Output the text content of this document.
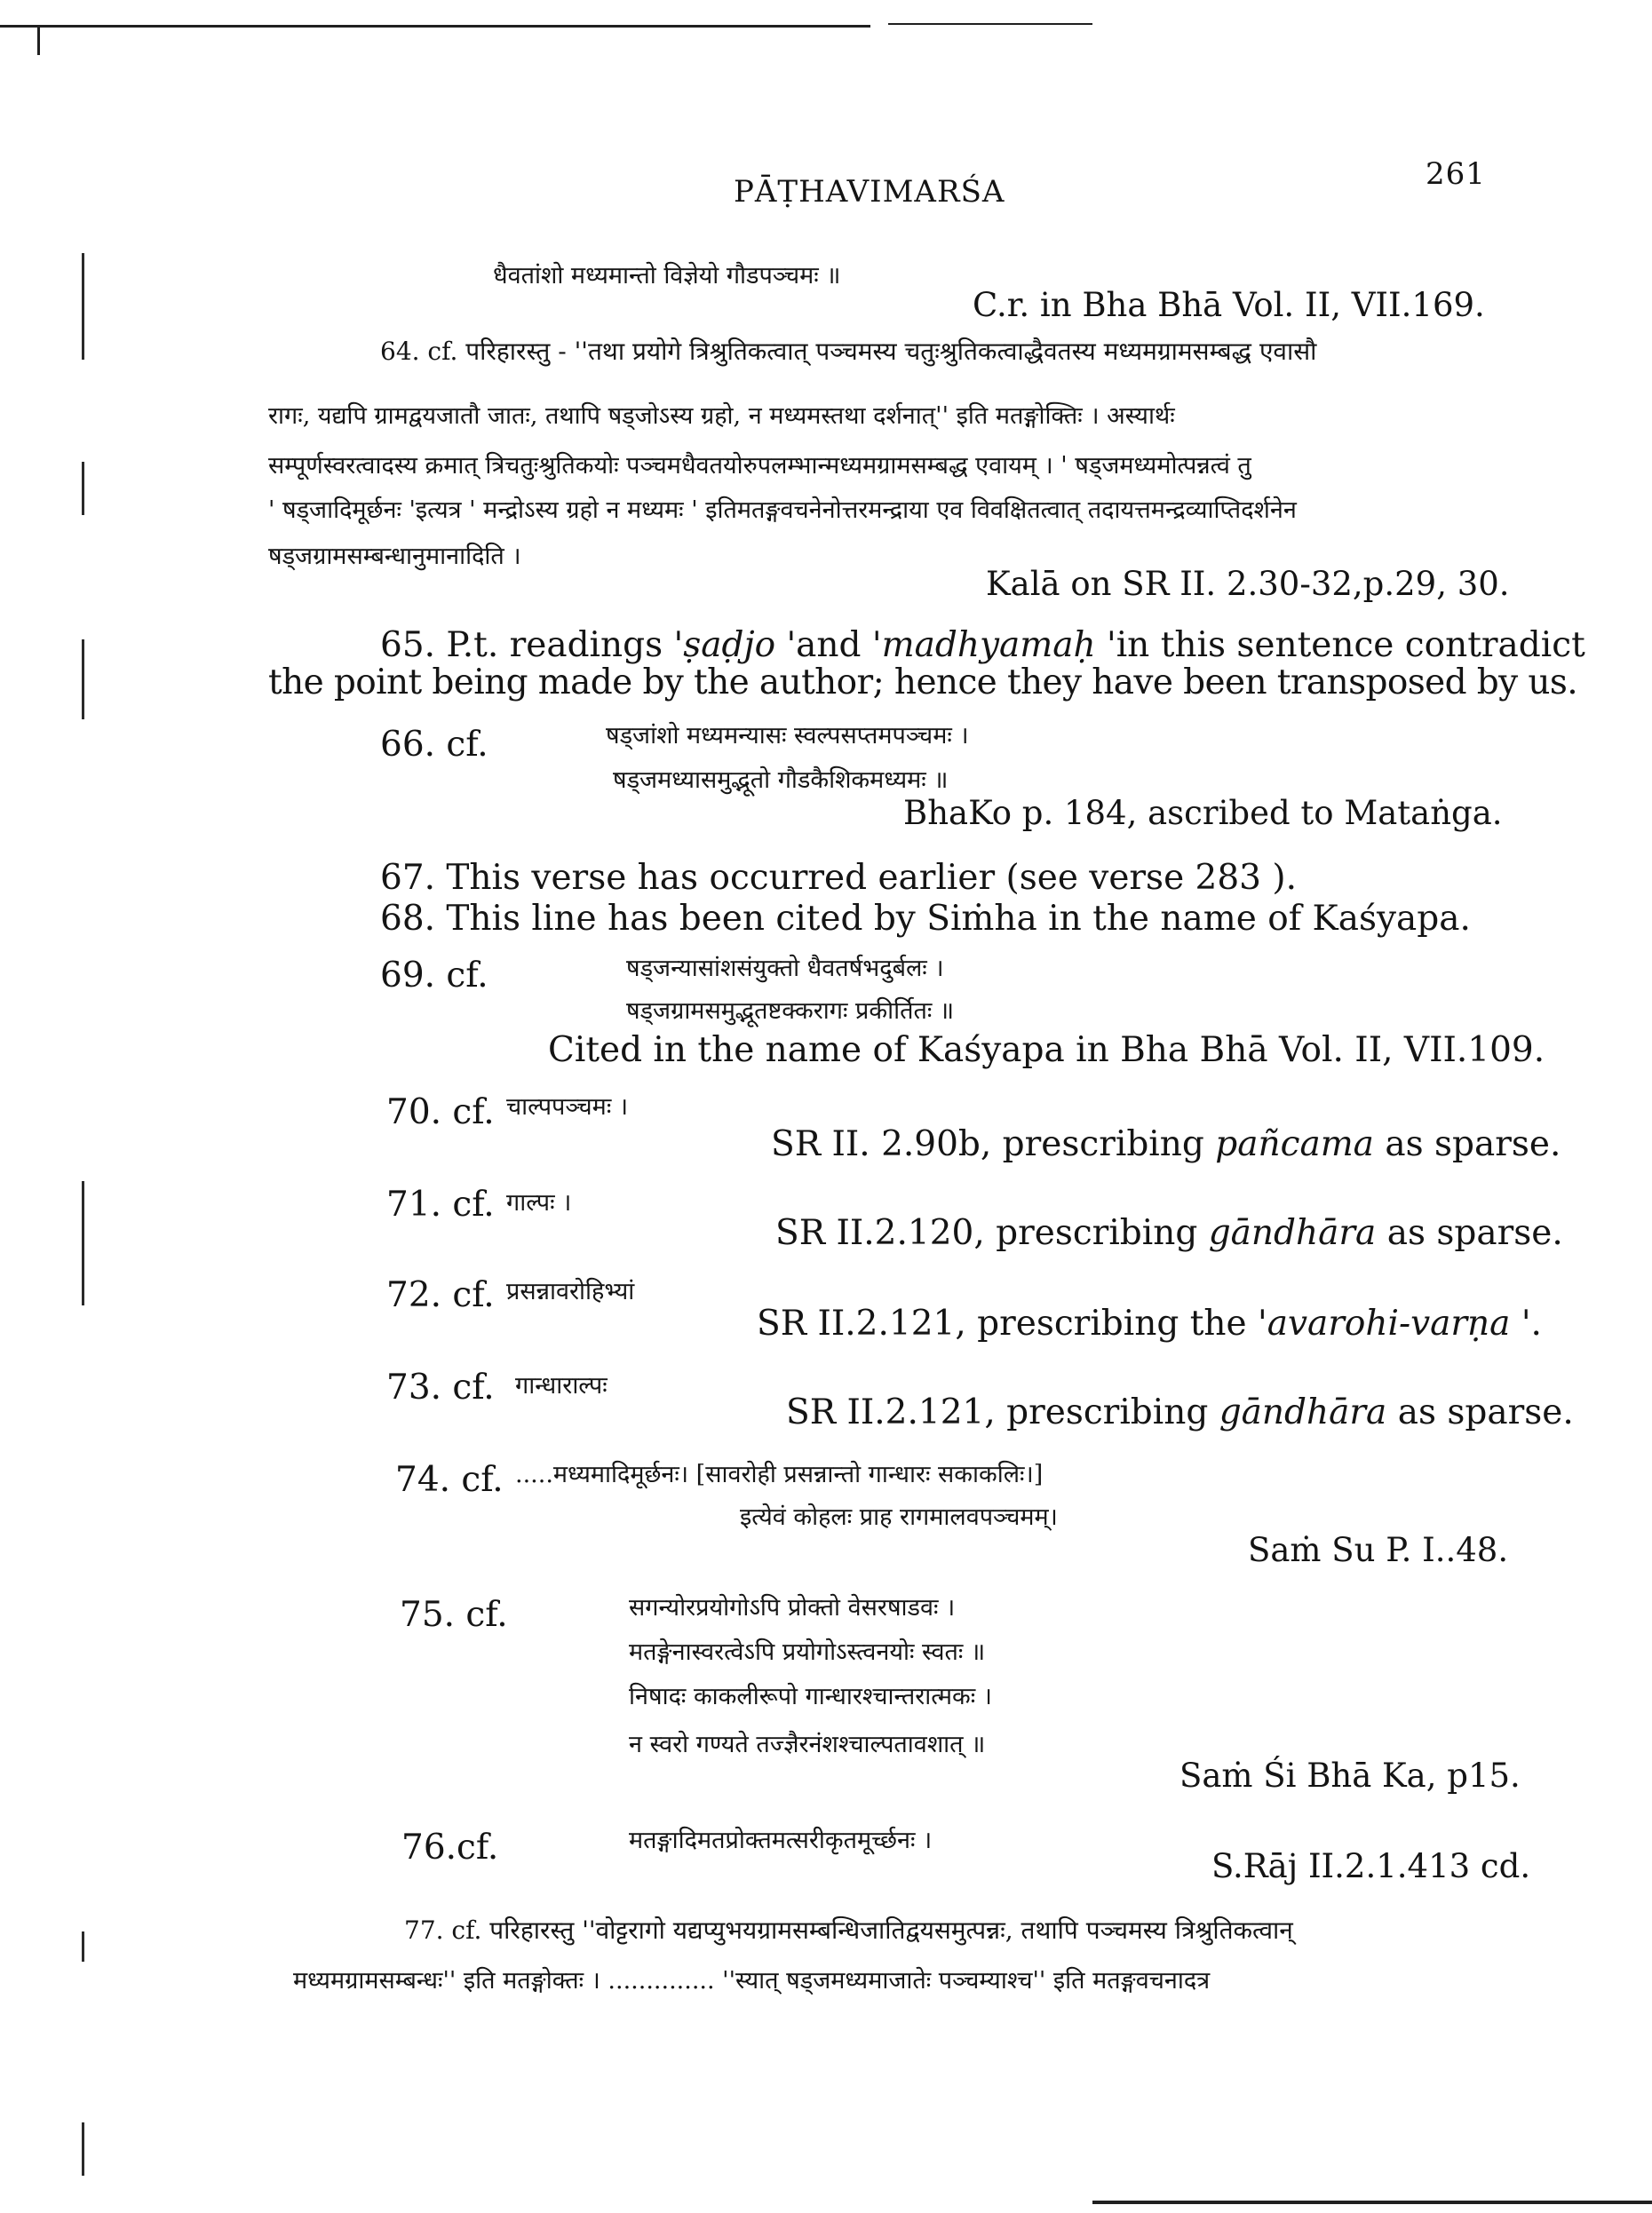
PĀṬHAVIMARŚA	261
धैवतांशो मध्यमान्तो विज्ञेयो गौडपञ्चमः ॥
C.r. in Bha Bhā Vol. II, VII.169.
64. cf. परिहारस्तु - ''तथा प्रयोगे त्रिश्रुतिकत्वात् पञ्चमस्य चतुःश्रुतिकत्वाद्धैवतस्य मध्यमग्रामसम्बद्ध एवासौ
रागः, यद्यपि ग्रामद्वयजातौ जातः, तथापि षड्जोऽस्य ग्रहो, न मध्यमस्तथा दर्शनात्'' इति मतङ्गोक्तिः । अस्यार्थः
सम्पूर्णस्वरत्वादस्य क्रमात् त्रिचतुःश्रुतिकयोः पञ्चमधैवतयोरुपलम्भान्मध्यमग्रामसम्बद्ध एवायम् । ' षड्जमध्यमोत्पन्नत्वं तु
' षड्जादिमूर्छनः 'इत्यत्र ' मन्द्रोऽस्य ग्रहो न मध्यमः ' इतिमतङ्गवचनेनोत्तरमन्द्राया एव विवक्षितत्वात् तदायत्तमन्द्रव्याप्तिदर्शनेन
षड्जग्रामसम्बन्धानुमानादिति ।
Kalā on SR II. 2.30-32,p.29, 30.
65. P.t. readings 'ṣaḍjo 'and 'madhyamaḥ 'in this sentence contradict
the point being made by the author; hence they have been transposed by us.
66. cf.	षड्जांशो मध्यमन्यासः स्वल्पसप्तमपञ्चमः ।
षड्जमध्यासमुद्भूतो गौडकैशिकमध्यमः ॥
BhaKo p. 184, ascribed to Mataṅga.
67. This verse has occurred earlier (see verse 283 ).
68. This line has been cited by Siṁha in the name of Kaśyapa.
69. cf.	षड्जन्यासांशसंयुक्तो धैवतर्षभदुर्बलः ।
षड्जग्रामसमुद्भूतष्टक्करागः प्रकीर्तितः ॥
Cited in the name of Kaśyapa in Bha Bhā Vol. II, VII.109.
70. cf. चाल्पपञ्चमः ।
SR II. 2.90b, prescribing pañcama as sparse.
71. cf. गाल्पः ।
SR II.2.120, prescribing gāndhāra as sparse.
72. cf. प्रसन्नावरोहिभ्यां
SR II.2.121, prescribing the 'avarohi-varṇa '.
73. cf. गान्धाराल्पः
SR II.2.121, prescribing gāndhāra as sparse.
74. cf. .....मध्यमादिमूर्छनः। [सावरोही प्रसन्नान्तो गान्धारः सकाकलिः।]
इत्येवं कोहलः प्राह रागमालवपञ्चमम्।
Saṁ Su P. I..48.
75. cf.	सगन्योरप्रयोगोऽपि प्रोक्तो वेसरषाडवः ।
मतङ्गेनास्वरत्वेऽपि प्रयोगोऽस्त्वनयोः स्वतः ॥
निषादः काकलीरूपो गान्धारश्चान्तरात्मकः ।
न स्वरो गण्यते तज्ज्ञैरनंशश्चाल्पतावशात् ॥
Saṁ Śi Bhā Ka, p15.
76.cf.	मतङ्गादिमतप्रोक्तमत्सरीकृतमूर्च्छनः ।
S.Rāj II.2.1.413 cd.
77. cf. परिहारस्तु ''वोट्टरागो यद्यप्युभयग्रामसम्बन्धिजातिद्वयसमुत्पन्नः, तथापि पञ्चमस्य त्रिश्रुतिकत्वान्
मध्यमग्रामसम्बन्धः'' इति मतङ्गोक्तः । .............. ''स्यात् षड्जमध्यमाजातेः पञ्चम्याश्च'' इति मतङ्गवचनादत्र
